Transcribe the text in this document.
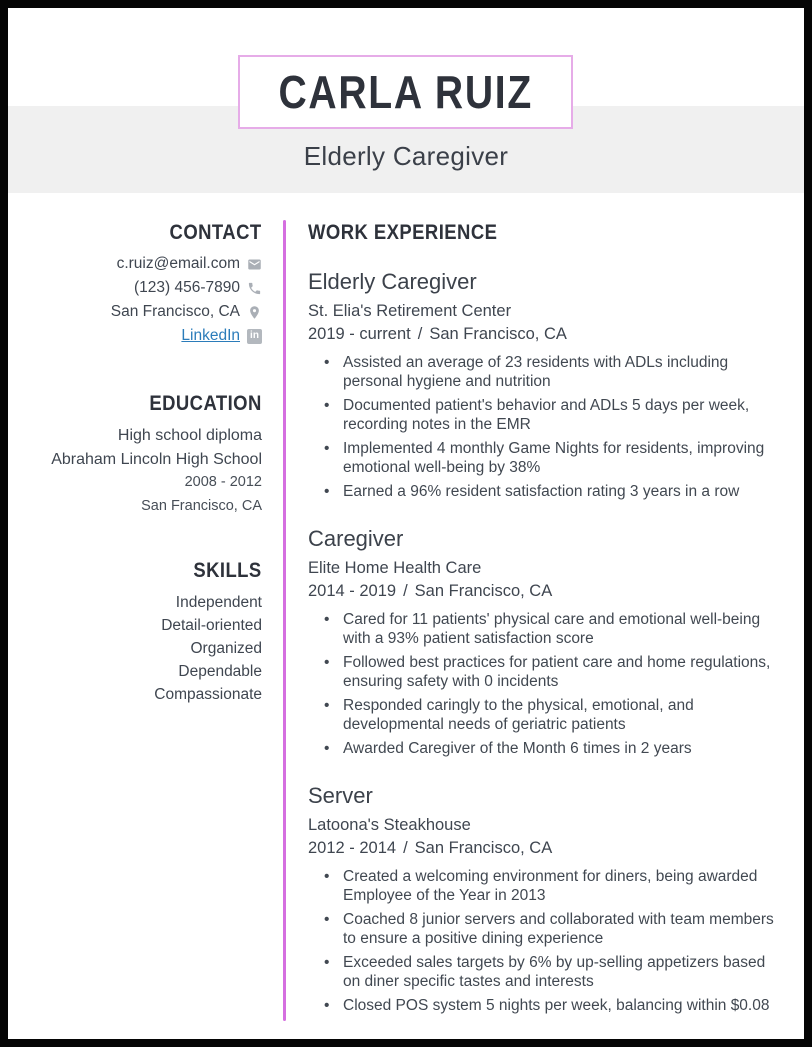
CARLA RUIZ
Elderly Caregiver
CONTACT
c.ruiz@email.com
(123) 456-7890
San Francisco, CA
LinkedIn	in
EDUCATION
High school diploma
Abraham Lincoln High School
2008 - 2012
San Francisco, CA
SKILLS
Independent
Detail-oriented
Organized
Dependable
Compassionate
WORK EXPERIENCE
Elderly Caregiver
St. Elia's Retirement Center
2019 - current / San Francisco, CA
• Assisted an average of 23 residents with ADLs including personal hygiene and nutrition
• Documented patient's behavior and ADLs 5 days per week, recording notes in the EMR
• Implemented 4 monthly Game Nights for residents, improving emotional well-being by 38%
• Earned a 96% resident satisfaction rating 3 years in a row
Caregiver
Elite Home Health Care
2014 - 2019 / San Francisco, CA
• Cared for 11 patients' physical care and emotional well-being with a 93% patient satisfaction score
• Followed best practices for patient care and home regulations, ensuring safety with 0 incidents
• Responded caringly to the physical, emotional, and developmental needs of geriatric patients
• Awarded Caregiver of the Month 6 times in 2 years
Server
Latoona's Steakhouse
2012 - 2014 / San Francisco, CA
• Created a welcoming environment for diners, being awarded Employee of the Year in 2013
• Coached 8 junior servers and collaborated with team members to ensure a positive dining experience
• Exceeded sales targets by 6% by up-selling appetizers based on diner specific tastes and interests
• Closed POS system 5 nights per week, balancing within $0.08
